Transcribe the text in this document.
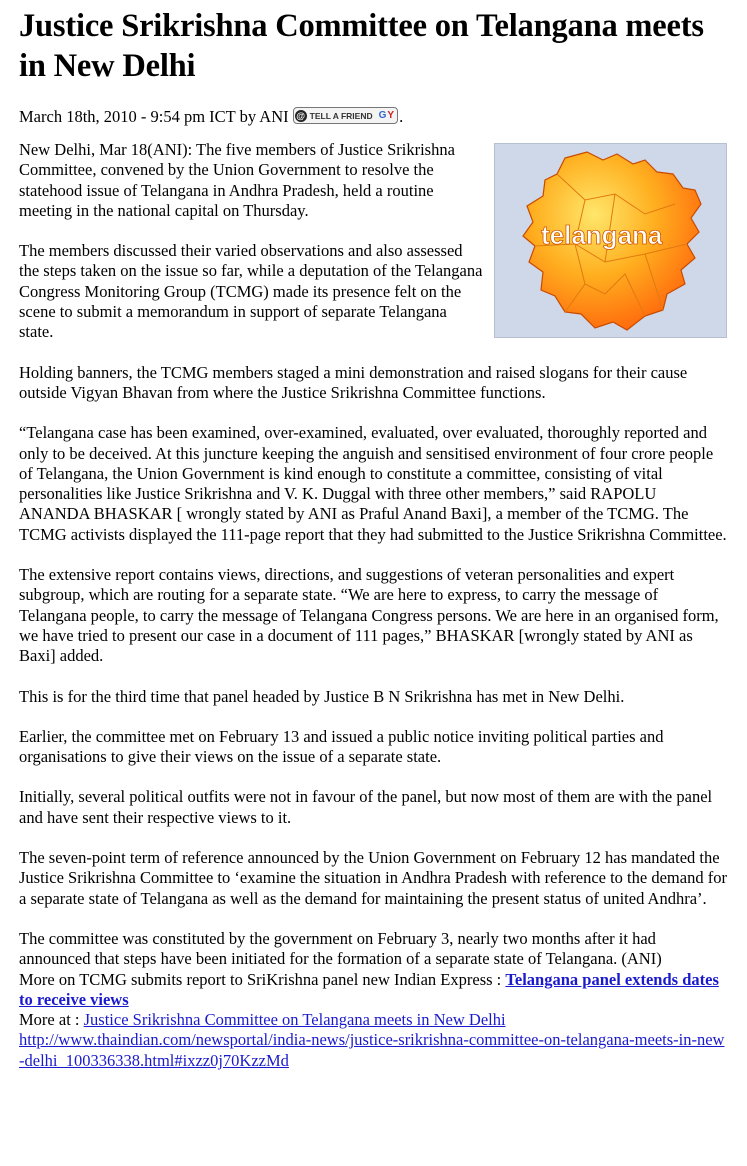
Justice Srikrishna Committee on Telangana meets in New Delhi
March 18th, 2010 - 9:54 pm ICT by ANI @ TELL A FRIEND G Y .
telangana

New Delhi, Mar 18(ANI): The five members of Justice Srikrishna Committee, convened by the Union Government to resolve the statehood issue of Telangana in Andhra Pradesh, held a routine meeting in the national capital on Thursday.

The members discussed their varied observations and also assessed the steps taken on the issue so far, while a deputation of the Telangana Congress Monitoring Group (TCMG) made its presence felt on the scene to submit a memorandum in support of separate Telangana state.

Holding banners, the TCMG members staged a mini demonstration and raised slogans for their cause outside Vigyan Bhavan from where the Justice Srikrishna Committee functions.

“Telangana case has been examined, over-examined, evaluated, over evaluated, thoroughly reported and only to be deceived. At this juncture keeping the anguish and sensitised environment of four crore people of Telangana, the Union Government is kind enough to constitute a committee, consisting of vital personalities like Justice Srikrishna and V. K. Duggal with three other members,” said RAPOLU ANANDA BHASKAR [ wrongly stated by ANI as Praful Anand Baxi], a member of the TCMG. The TCMG activists displayed the 111-page report that they had submitted to the Justice Srikrishna Committee.

The extensive report contains views, directions, and suggestions of veteran personalities and expert subgroup, which are routing for a separate state. “We are here to express, to carry the message of Telangana people, to carry the message of Telangana Congress persons. We are here in an organised form, we have tried to present our case in a document of 111 pages,” BHASKAR [wrongly stated by ANI as Baxi] added.

This is for the third time that panel headed by Justice B N Srikrishna has met in New Delhi.

Earlier, the committee met on February 13 and issued a public notice inviting political parties and organisations to give their views on the issue of a separate state.

Initially, several political outfits were not in favour of the panel, but now most of them are with the panel and have sent their respective views to it.

The seven-point term of reference announced by the Union Government on February 12 has mandated the Justice Srikrishna Committee to ‘examine the situation in Andhra Pradesh with reference to the demand for a separate state of Telangana as well as the demand for maintaining the present status of united Andhra’.

The committee was constituted by the government on February 3, nearly two months after it had announced that steps have been initiated for the formation of a separate state of Telangana. (ANI)

More on TCMG submits report to SriKrishna panel new Indian Express : Telangana panel extends dates to receive views

More at : Justice Srikrishna Committee on Telangana meets in New Delhi

http://www.thaindian.com/newsportal/india-news/justice-srikrishna-committee-on-telangana-meets-in-new-delhi_100336338.html#ixzz0j70KzzMd
